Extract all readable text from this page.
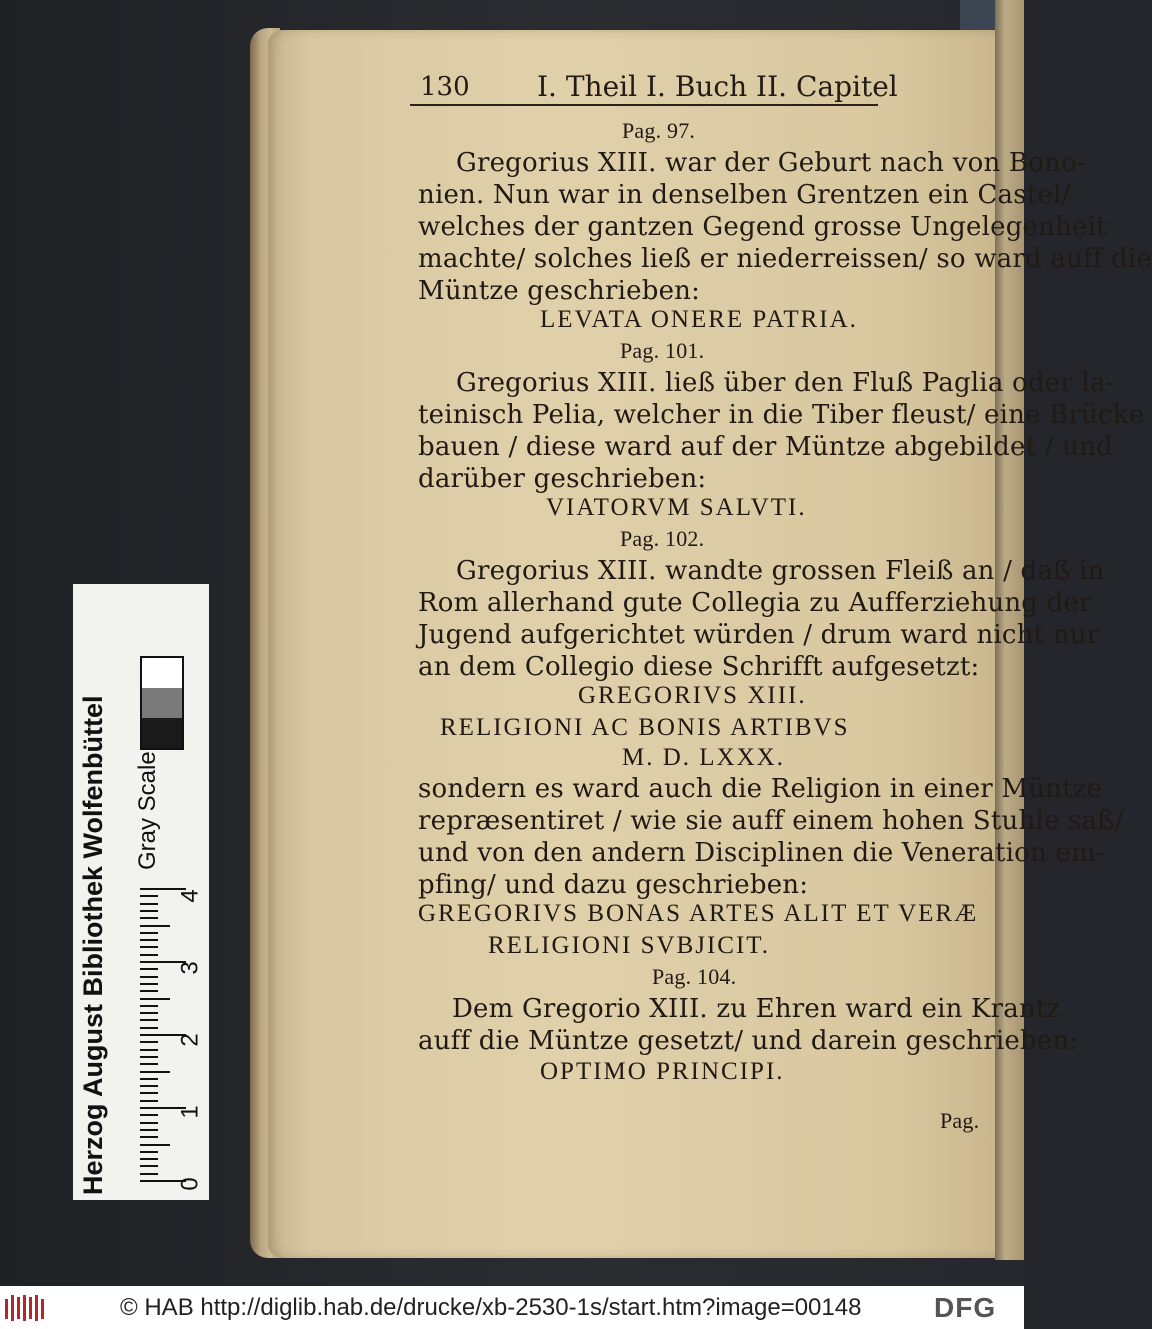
130 I. Theil I. Buch II. Capitel
Pag. 97.
Gregorius XIII. war der Geburt nach von Bono-
nien. Nun war in denselben Grentzen ein Castel/
welches der gantzen Gegend grosse Ungelegenheit
machte/ solches ließ er niederreissen/ so ward auff die
Müntze geschrieben:
LEVATA ONERE PATRIA.
Pag. 101.
Gregorius XIII. ließ über den Fluß Paglia oder la-
teinisch Pelia, welcher in die Tiber fleust/ eine Brücke
bauen / diese ward auf der Müntze abgebildet / und
darüber geschrieben:
VIATORVM SALVTI.
Pag. 102.
Gregorius XIII. wandte grossen Fleiß an / daß in
Rom allerhand gute Collegia zu Aufferziehung der
Jugend aufgerichtet würden / drum ward nicht nur
an dem Collegio diese Schrifft aufgesetzt:
GREGORIVS XIII.
RELIGIONI AC BONIS ARTIBVS
M. D. LXXX.
sondern es ward auch die Religion in einer Müntze
repræsentiret / wie sie auff einem hohen Stuhle saß/
und von den andern Disciplinen die Veneration em-
pfing/ und dazu geschrieben:
GREGORIVS BONAS ARTES ALIT ET VERÆ
RELIGIONI SVBJICIT.
Pag. 104.
Dem Gregorio XIII. zu Ehren ward ein Krantz
auff die Müntze gesetzt/ und darein geschrieben:
OPTIMO PRINCIPI.
Pag.
Herzog August Bibliothek Wolfenbüttel	Gray Scale
0
1
2
3
4
© HAB http://diglib.hab.de/drucke/xb-2530-1s/start.htm?image=00148	DFG
